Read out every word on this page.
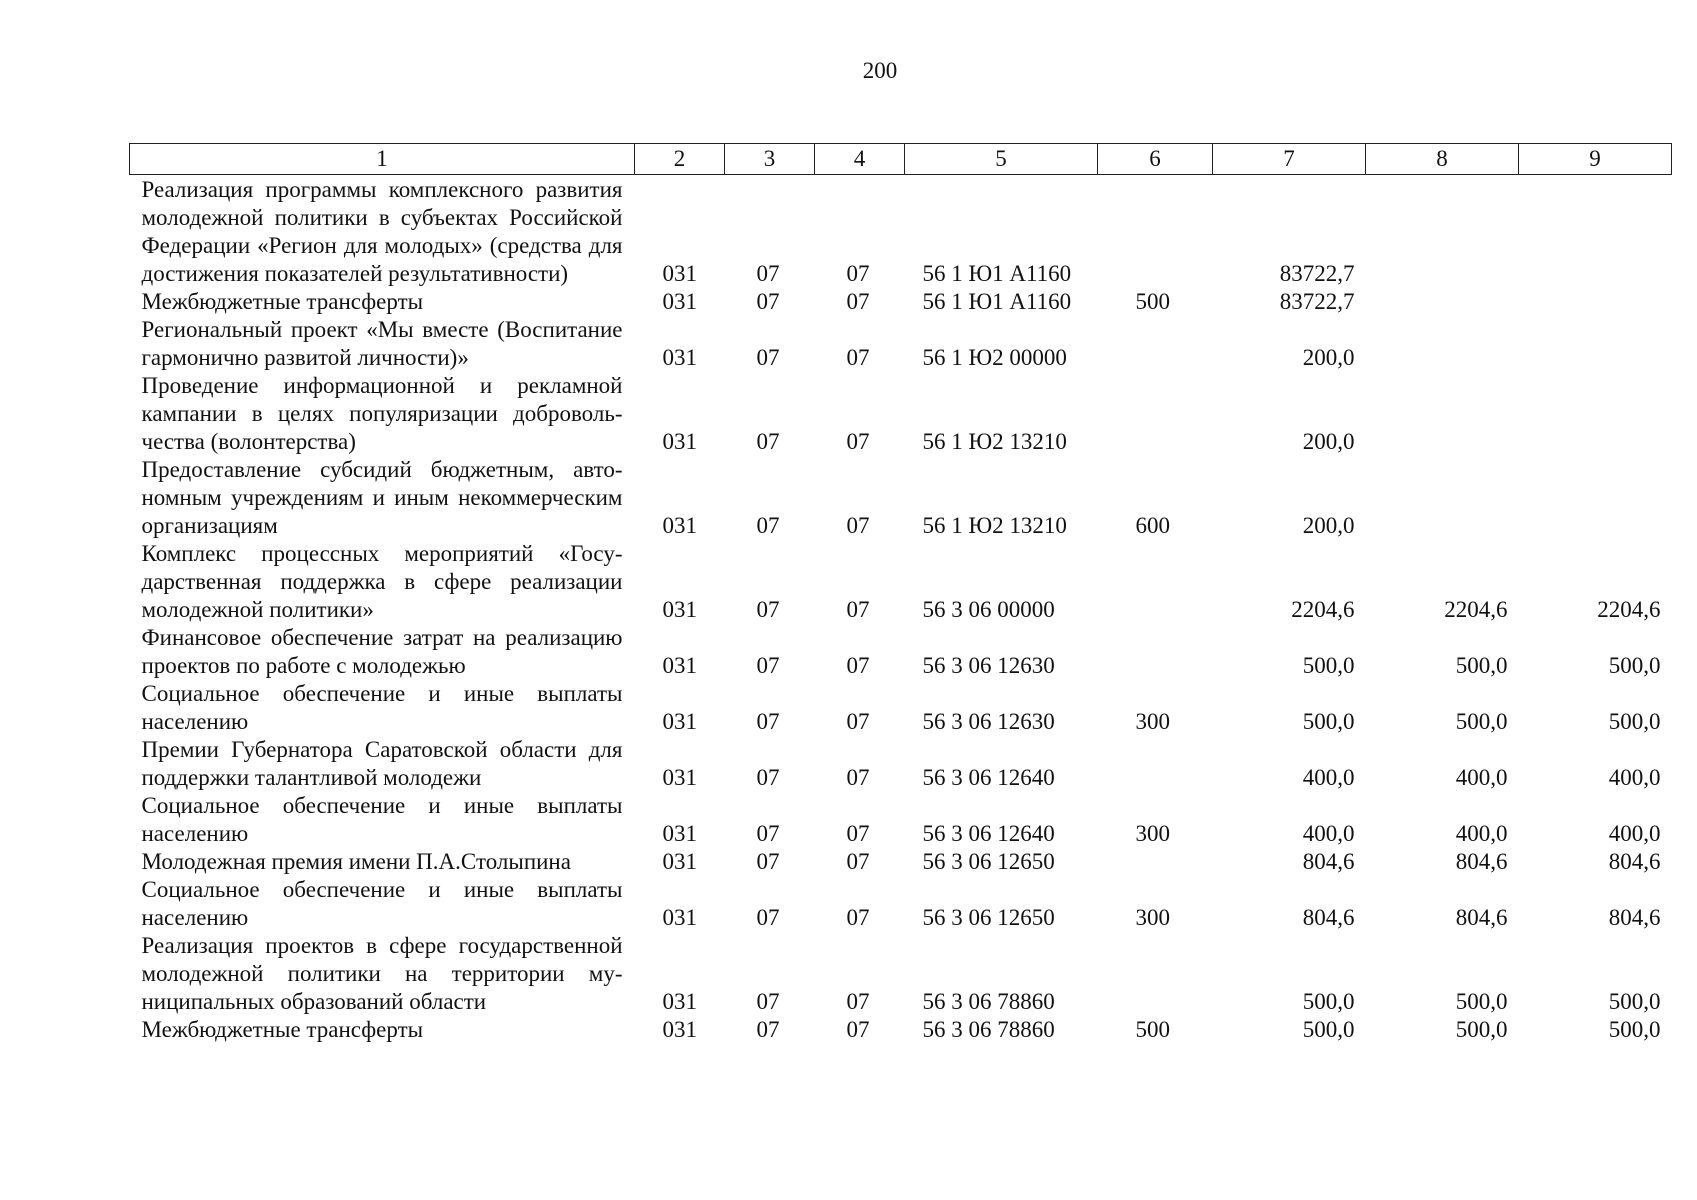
200
1	2	3	4	5	6	7	8	9
Реализация программы комплексного развития молодежной политики в субъектах Российской Федерации «Регион для молодых» (средства для достижения показателей результативности)	031	07	07	56 1 Ю1 А1160		83722,7		
Межбюджетные трансферты	031	07	07	56 1 Ю1 А1160	500	83722,7		
Региональный проект «Мы вместе (Воспитание гармонично развитой личности)»	031	07	07	56 1 Ю2 00000		200,0		
Проведение информационной и рекламной кампании в целях популяризации добровольчества (волонтерства)	031	07	07	56 1 Ю2 13210		200,0		
Предоставление субсидий бюджетным, автономным учреждениям и иным некоммерческим организациям	031	07	07	56 1 Ю2 13210	600	200,0		
Комплекс процессных мероприятий «Государственная поддержка в сфере реализации молодежной политики»	031	07	07	56 3 06 00000		2204,6	2204,6	2204,6
Финансовое обеспечение затрат на реализацию проектов по работе с молодежью	031	07	07	56 3 06 12630		500,0	500,0	500,0
Социальное обеспечение и иные выплаты населению	031	07	07	56 3 06 12630	300	500,0	500,0	500,0
Премии Губернатора Саратовской области для поддержки талантливой молодежи	031	07	07	56 3 06 12640		400,0	400,0	400,0
Социальное обеспечение и иные выплаты населению	031	07	07	56 3 06 12640	300	400,0	400,0	400,0
Молодежная премия имени П.А.Столыпина	031	07	07	56 3 06 12650		804,6	804,6	804,6
Социальное обеспечение и иные выплаты населению	031	07	07	56 3 06 12650	300	804,6	804,6	804,6
Реализация проектов в сфере государственной молодежной политики на территории муниципальных образований области	031	07	07	56 3 06 78860		500,0	500,0	500,0
Межбюджетные трансферты	031	07	07	56 3 06 78860	500	500,0	500,0	500,0
